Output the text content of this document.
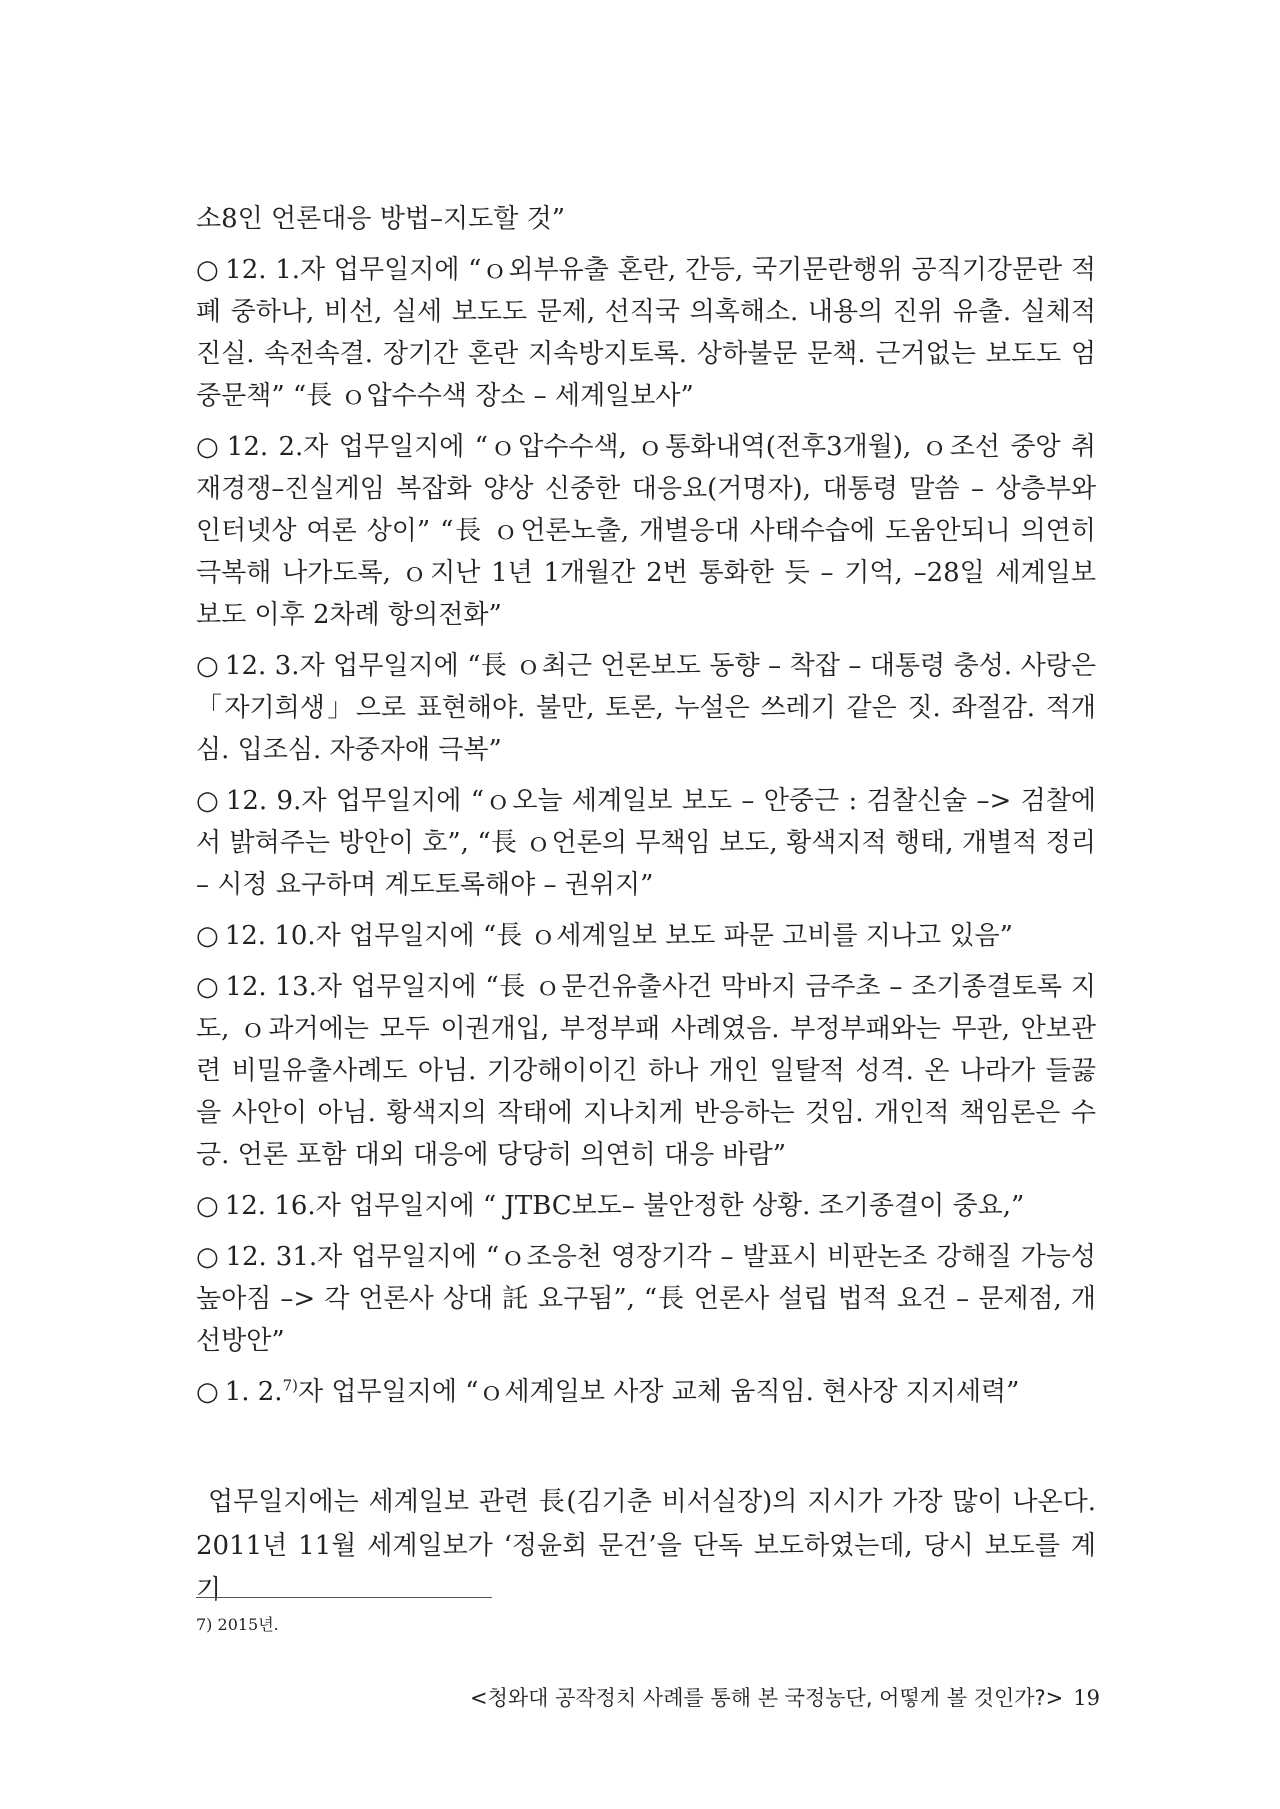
소8인 언론대응 방법–지도할 것”

○ 12. 1.자 업무일지에 “ｏ외부유출 혼란, 간등, 국기문란행위 공직기강문란 적폐 중하나, 비선, 실세 보도도 문제, 선직국 의혹해소. 내용의 진위 유출. 실체적 진실. 속전속결. 장기간 혼란 지속방지토록. 상하불문 문책. 근거없는 보도도 엄중문책” “長 ｏ압수수색 장소 – 세계일보사”

○ 12. 2.자 업무일지에 “ｏ압수수색, ｏ통화내역(전후3개월), ｏ조선 중앙 취재경쟁–진실게임 복잡화 양상 신중한 대응요(거명자), 대통령 말씀 – 상층부와 인터넷상 여론 상이” “長 ｏ언론노출, 개별응대 사태수습에 도움안되니 의연히 극복해 나가도록, ｏ지난 1년 1개월간 2번 통화한 듯 – 기억, –28일 세계일보 보도 이후 2차례 항의전화”

○ 12. 3.자 업무일지에 “長 ｏ최근 언론보도 동향 – 착잡 – 대통령 충성. 사랑은 「자기희생」으로 표현해야. 불만, 토론, 누설은 쓰레기 같은 짓. 좌절감. 적개심. 입조심. 자중자애 극복”

○ 12. 9.자 업무일지에 “ｏ오늘 세계일보 보도 – 안중근 : 검찰신술 –> 검찰에서 밝혀주는 방안이 호”, “長 ｏ언론의 무책임 보도, 황색지적 행태, 개별적 정리 – 시정 요구하며 계도토록해야 – 권위지”

○ 12. 10.자 업무일지에 “長 ｏ세계일보 보도 파문 고비를 지나고 있음”

○ 12. 13.자 업무일지에 “長 ｏ문건유출사건 막바지 금주초 – 조기종결토록 지도, ｏ과거에는 모두 이권개입, 부정부패 사례였음. 부정부패와는 무관, 안보관련 비밀유출사례도 아님. 기강해이이긴 하나 개인 일탈적 성격. 온 나라가 들끓을 사안이 아님. 황색지의 작태에 지나치게 반응하는 것임. 개인적 책임론은 수긍. 언론 포함 대외 대응에 당당히 의연히 대응 바람”

○ 12. 16.자 업무일지에 “ JTBC보도– 불안정한 상황. 조기종결이 중요,”

○ 12. 31.자 업무일지에 “ｏ조응천 영장기각 – 발표시 비판논조 강해질 가능성 높아짐 –> 각 언론사 상대 託 요구됨”, “長 언론사 설립 법적 요건 – 문제점, 개선방안”

○ 1. 2.$^{7)}$자 업무일지에 “ｏ세계일보 사장 교체 움직임. 현사장 지지세력”

업무일지에는 세계일보 관련 長(김기춘 비서실장)의 지시가 가장 많이 나온다. 2011년 11월 세계일보가 ‘정윤회 문건’을 단독 보도하였는데, 당시 보도를 계기

7) 2015년.
<청와대 공작정치 사례를 통해 본 국정농단, 어떻게 볼 것인가?> 19
